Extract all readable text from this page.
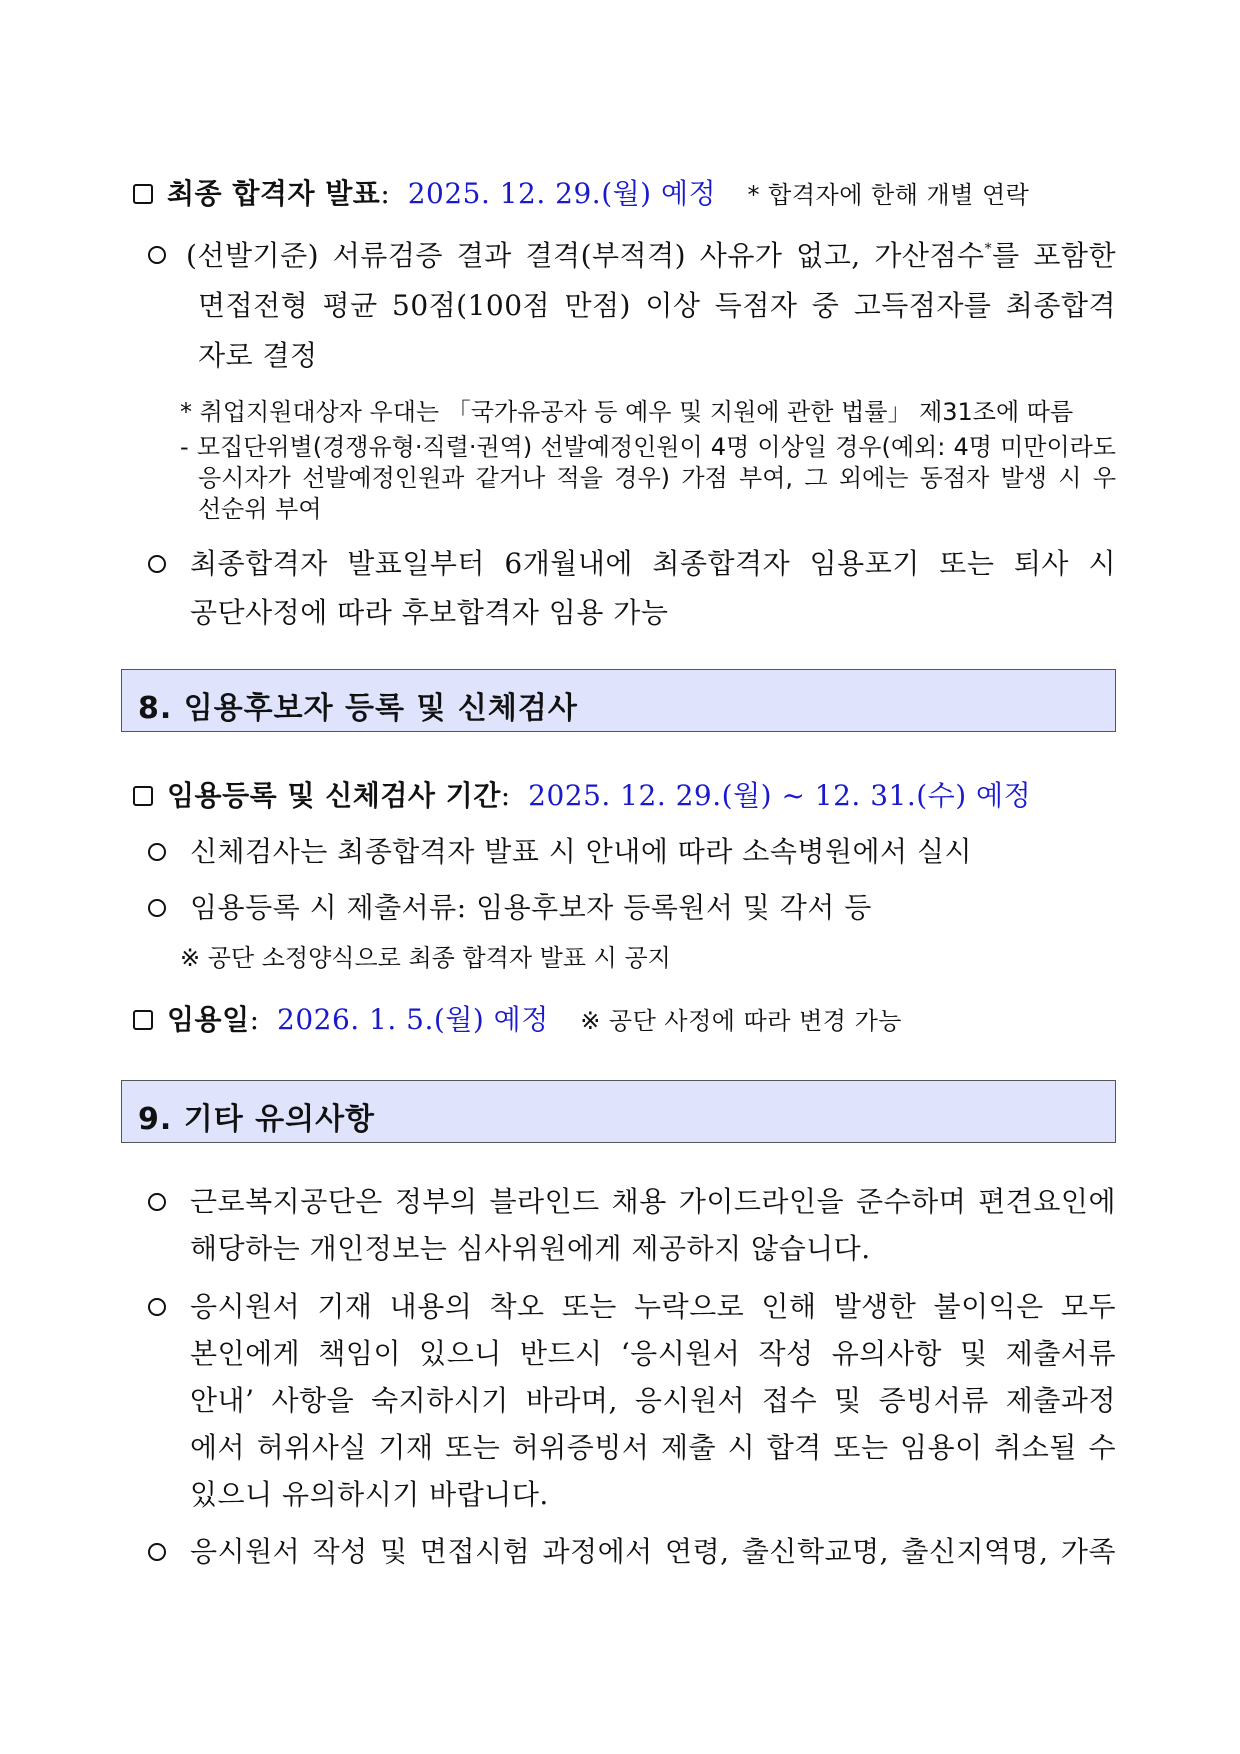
최종 합격자 발표: 2025. 12. 29.(월) 예정 * 합격자에 한해 개별 연락
(선발기준) 서류검증 결과 결격(부적격) 사유가 없고, 가산점수*를 포함한
면접전형 평균 50점(100점 만점) 이상 득점자 중 고득점자를 최종합격
자로 결정
* 취업지원대상자 우대는 「국가유공자 등 예우 및 지원에 관한 법률」 제31조에 따름
- 모집단위별(경쟁유형·직렬·권역) 선발예정인원이 4명 이상일 경우(예외: 4명 미만이라도
응시자가 선발예정인원과 같거나 적을 경우) 가점 부여, 그 외에는 동점자 발생 시 우
선순위 부여
최종합격자 발표일부터 6개월내에 최종합격자 임용포기 또는 퇴사 시
공단사정에 따라 후보합격자 임용 가능
8. 임용후보자 등록 및 신체검사
임용등록 및 신체검사 기간: 2025. 12. 29.(월) ~ 12. 31.(수) 예정
신체검사는 최종합격자 발표 시 안내에 따라 소속병원에서 실시
임용등록 시 제출서류: 임용후보자 등록원서 및 각서 등
※ 공단 소정양식으로 최종 합격자 발표 시 공지
임용일: 2026. 1. 5.(월) 예정 ※ 공단 사정에 따라 변경 가능
9. 기타 유의사항
근로복지공단은 정부의 블라인드 채용 가이드라인을 준수하며 편견요인에
해당하는 개인정보는 심사위원에게 제공하지 않습니다.
응시원서 기재 내용의 착오 또는 누락으로 인해 발생한 불이익은 모두
본인에게 책임이 있으니 반드시 ‘응시원서 작성 유의사항 및 제출서류
안내’ 사항을 숙지하시기 바라며, 응시원서 접수 및 증빙서류 제출과정
에서 허위사실 기재 또는 허위증빙서 제출 시 합격 또는 임용이 취소될 수
있으니 유의하시기 바랍니다.
응시원서 작성 및 면접시험 과정에서 연령, 출신학교명, 출신지역명, 가족
